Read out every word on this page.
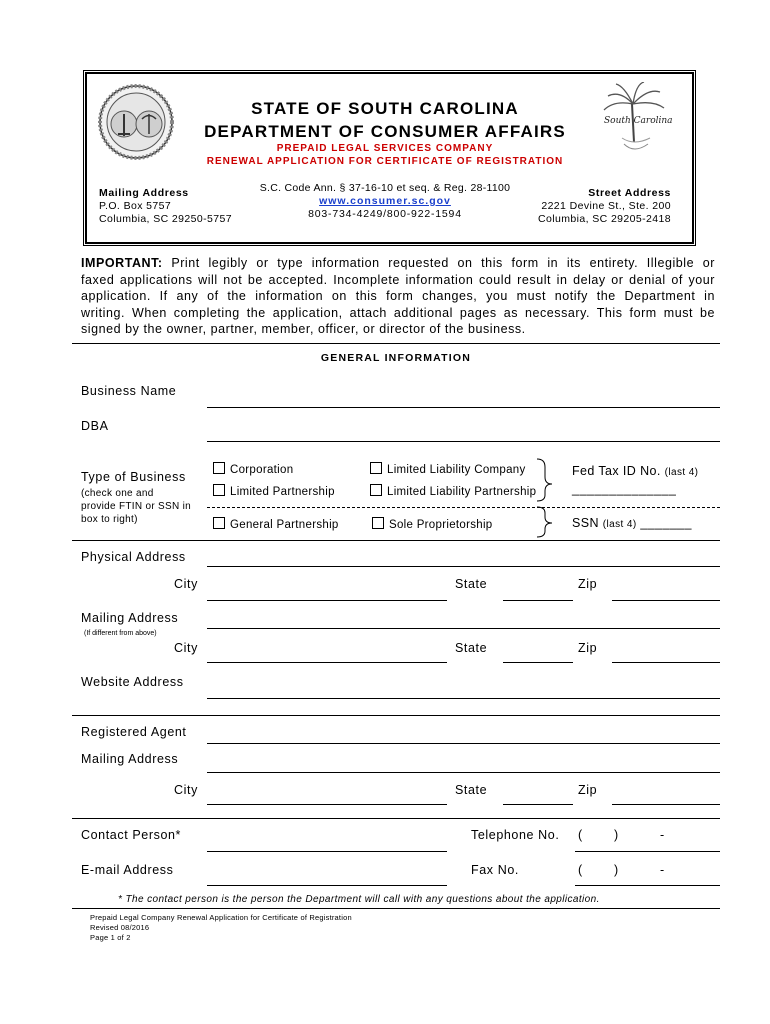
STATE OF SOUTH CAROLINA
DEPARTMENT OF CONSUMER AFFAIRS
PREPAID LEGAL SERVICES COMPANY
RENEWAL APPLICATION FOR CERTIFICATE OF REGISTRATION
South Carolina
Mailing Address
P.O. Box 5757
Columbia, SC 29250-5757
S.C. Code Ann. § 37-16-10 et seq. & Reg. 28-1100
www.consumer.sc.gov
803-734-4249/800-922-1594
Street Address
2221 Devine St., Ste. 200
Columbia, SC 29205-2418
IMPORTANT: Print legibly or type information requested on this form in its entirety. Illegible or
faxed applications will not be accepted. Incomplete information could result in delay or denial of your
application. If any of the information on this form changes, you must notify the Department in
writing. When completing the application, attach additional pages as necessary. This form must be
signed by the owner, partner, member, officer, or director of the business.
GENERAL INFORMATION
Business Name
DBA
Type of Business
(check one and
provide FTIN or SSN in
box to right)
Corporation	Limited Liability Company
Limited Partnership	Limited Liability Partnership
General Partnership	Sole Proprietorship
Fed Tax ID No. (last 4)
______________
SSN (last 4) _______
Physical Address
City	State	Zip
Mailing Address
(If different from above)
City	State	Zip
Website Address
Registered Agent
Mailing Address
City	State	Zip
Contact Person*	Telephone No. ( )	-
E-mail Address	Fax No.	( )	-
* The contact person is the person the Department will call with any questions about the application.
Prepaid Legal Company Renewal Application for Certificate of Registration
Revised 08/2016
Page 1 of 2
